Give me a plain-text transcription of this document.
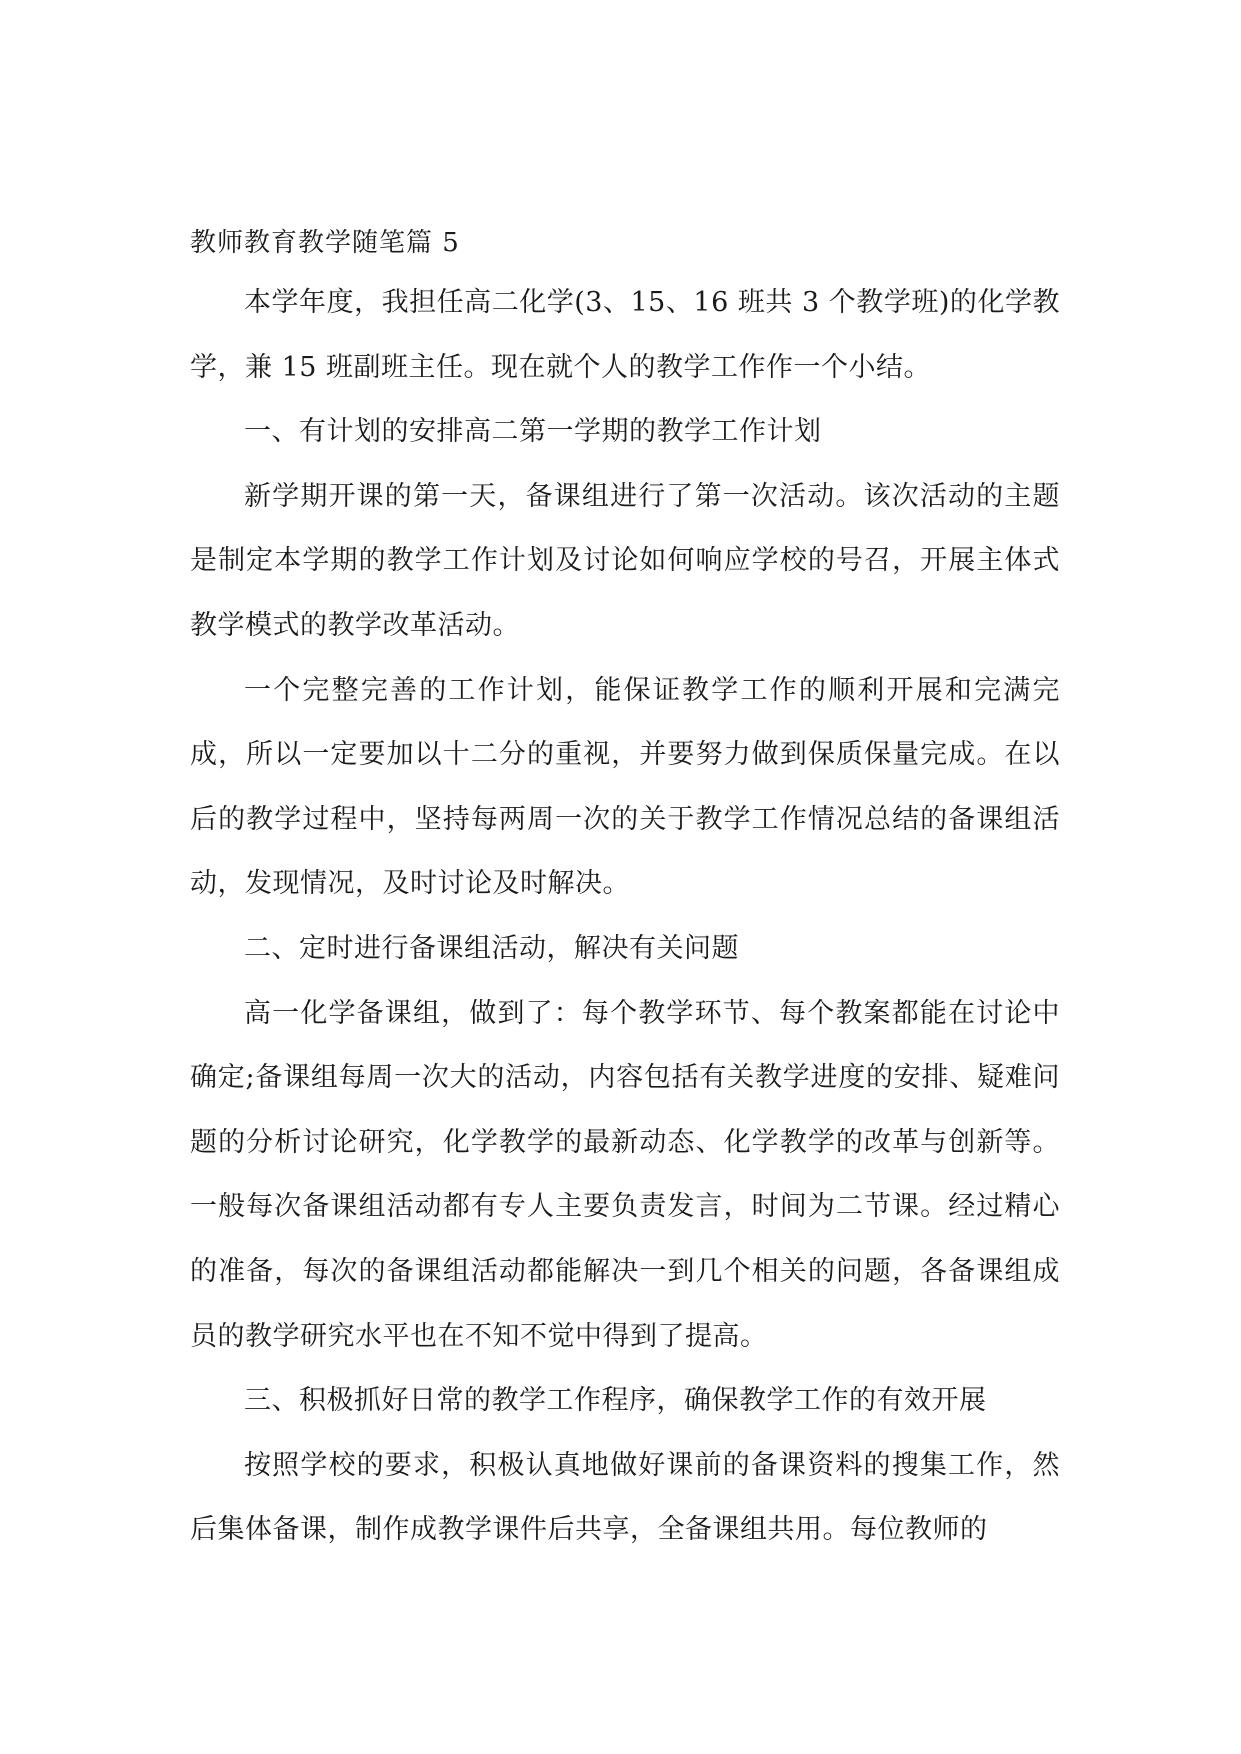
教师教育教学随笔篇 5

本学年度，我担任高二化学(3、15、16 班共 3 个教学班)的化学教学，兼 15 班副班主任。现在就个人的教学工作作一个小结。

一、有计划的安排高二第一学期的教学工作计划

新学期开课的第一天，备课组进行了第一次活动。该次活动的主题是制定本学期的教学工作计划及讨论如何响应学校的号召，开展主体式教学模式的教学改革活动。

一个完整完善的工作计划，能保证教学工作的顺利开展和完满完成，所以一定要加以十二分的重视，并要努力做到保质保量完成。在以后的教学过程中，坚持每两周一次的关于教学工作情况总结的备课组活动，发现情况，及时讨论及时解决。

二、定时进行备课组活动，解决有关问题

高一化学备课组，做到了：每个教学环节、每个教案都能在讨论中确定;备课组每周一次大的活动，内容包括有关教学进度的安排、疑难问题的分析讨论研究，化学教学的最新动态、化学教学的改革与创新等。一般每次备课组活动都有专人主要负责发言，时间为二节课。经过精心的准备，每次的备课组活动都能解决一到几个相关的问题，各备课组成员的教学研究水平也在不知不觉中得到了提高。

三、积极抓好日常的教学工作程序，确保教学工作的有效开展

按照学校的要求，积极认真地做好课前的备课资料的搜集工作，然后集体备课，制作成教学课件后共享，全备课组共用。每位教师的
